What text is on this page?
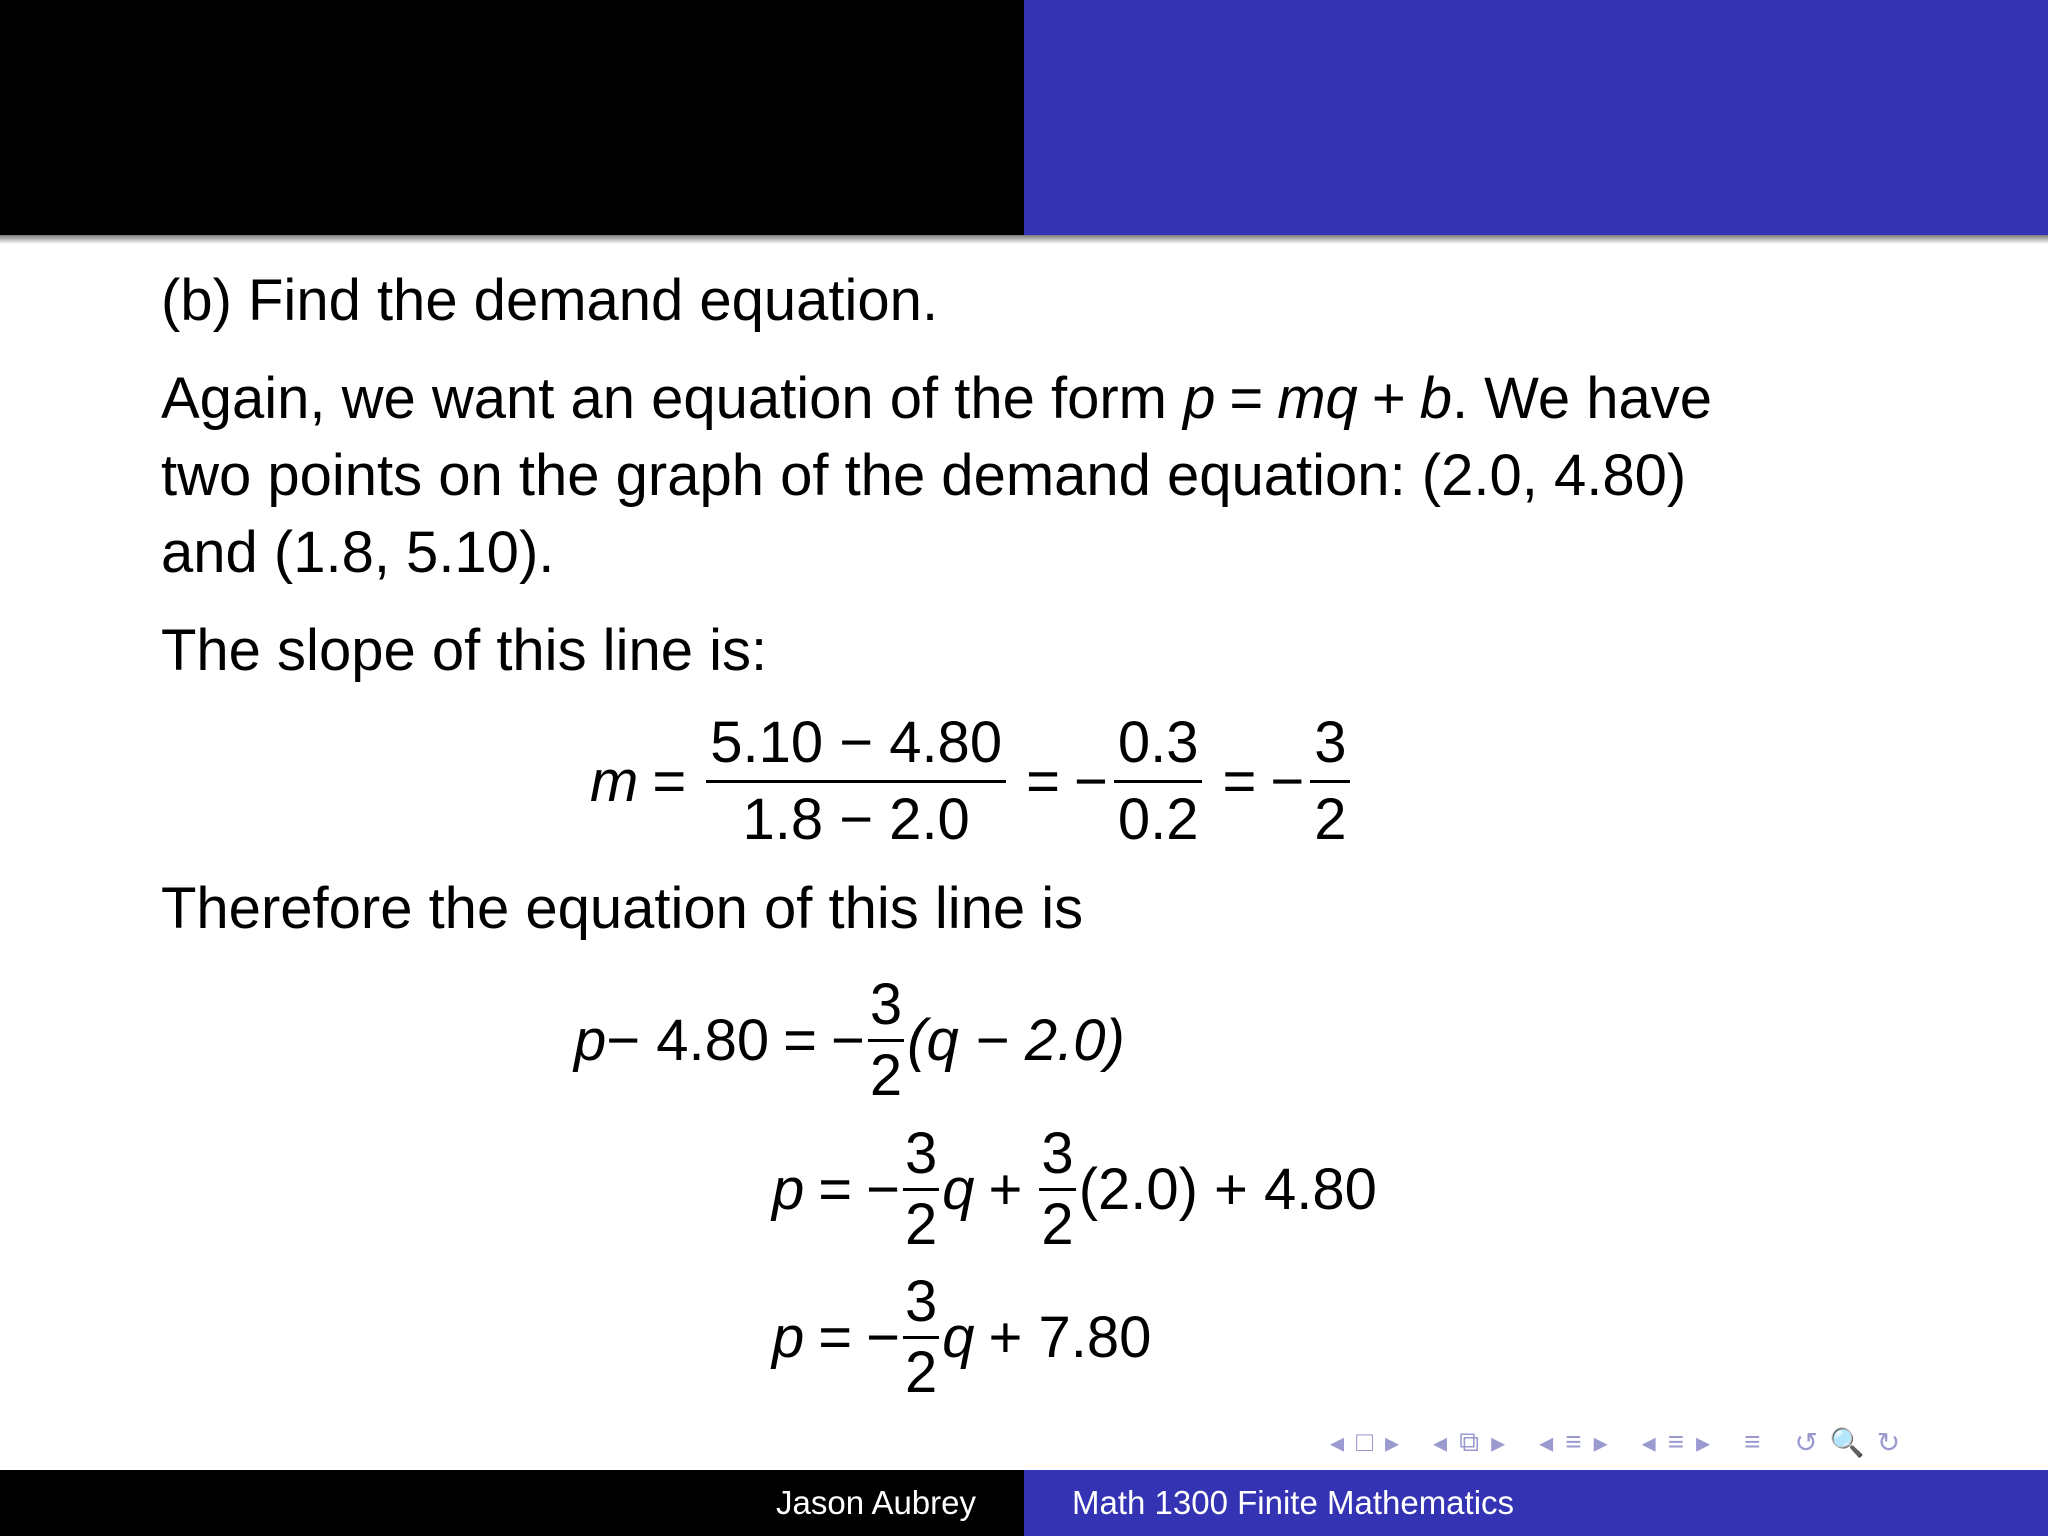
(b) Find the demand equation.
Again, we want an equation of the form p = mq + b. We have
two points on the graph of the demand equation: (2.0, 4.80)
and (1.8, 5.10).
The slope of this line is:
$m = \frac{5.10 - 4.80}{1.8 - 2.0}$ = − $\frac{0.3}{0.2}$ = − $\frac{3}{2}$
Therefore the equation of this line is
p − 4.80 = − $\frac{3}{2} (q - 2.0)$
p = − $\frac{3}{2}$ $q + \frac{3}{2} (2.0) + 4.80$
p = − $\frac{3}{2}$ q + 7.80
◂ □ ▸ ◂ ⧉ ▸ ◂ ≡ ▸ ◂ ≡ ▸ ≡ ↺ 🔍 ↻
Jason Aubrey	Math 1300 Finite Mathematics
